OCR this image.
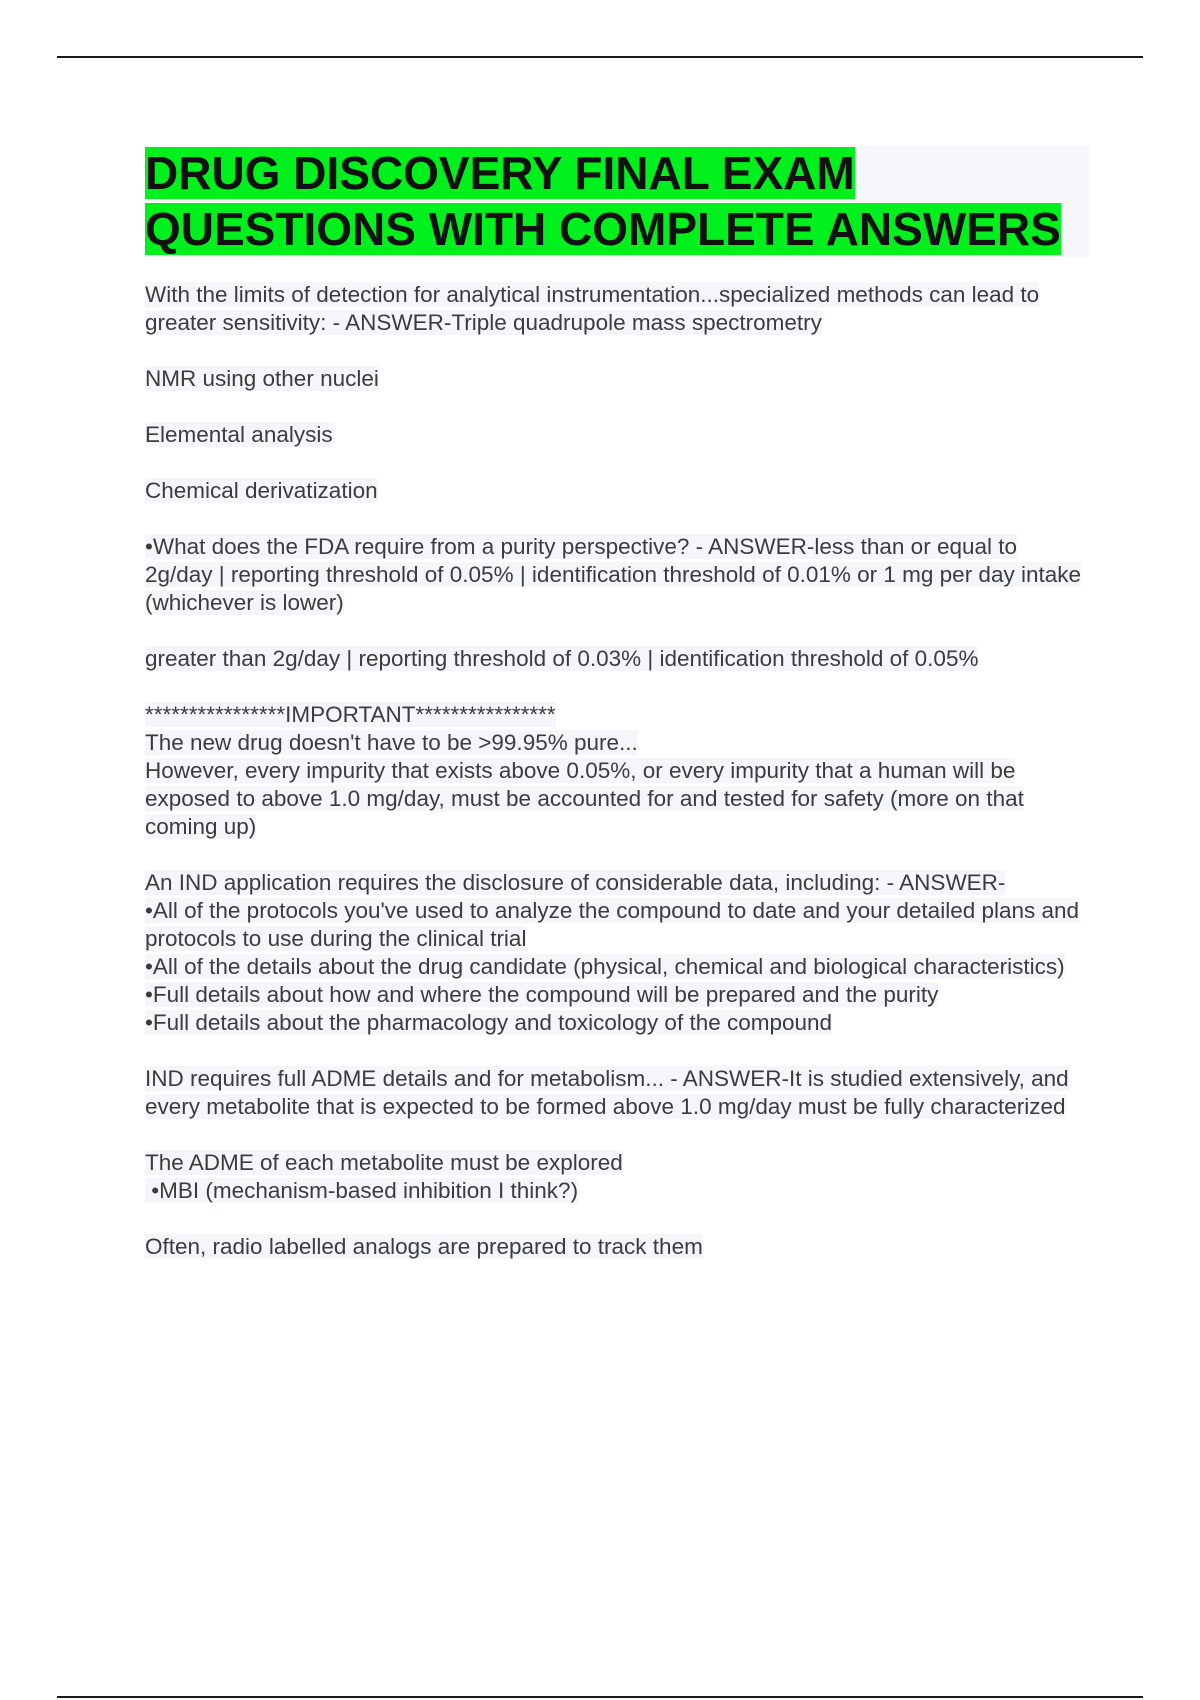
DRUG DISCOVERY FINAL EXAM QUESTIONS WITH COMPLETE ANSWERS

With the limits of detection for analytical instrumentation...specialized methods can lead to greater sensitivity: - ANSWER-Triple quadrupole mass spectrometry

NMR using other nuclei

Elemental analysis

Chemical derivatization

•What does the FDA require from a purity perspective? - ANSWER-less than or equal to 2g/day | reporting threshold of 0.05% | identification threshold of 0.01% or 1 mg per day intake (whichever is lower)

greater than 2g/day | reporting threshold of 0.03% | identification threshold of 0.05%

****************IMPORTANT****************
The new drug doesn't have to be >99.95% pure...
However, every impurity that exists above 0.05%, or every impurity that a human will be exposed to above 1.0 mg/day, must be accounted for and tested for safety (more on that coming up)

An IND application requires the disclosure of considerable data, including: - ANSWER-
•All of the protocols you've used to analyze the compound to date and your detailed plans and protocols to use during the clinical trial
•All of the details about the drug candidate (physical, chemical and biological characteristics)
•Full details about how and where the compound will be prepared and the purity
•Full details about the pharmacology and toxicology of the compound

IND requires full ADME details and for metabolism... - ANSWER-It is studied extensively, and every metabolite that is expected to be formed above 1.0 mg/day must be fully characterized

The ADME of each metabolite must be explored
•MBI (mechanism-based inhibition I think?)

Often, radio labelled analogs are prepared to track them
